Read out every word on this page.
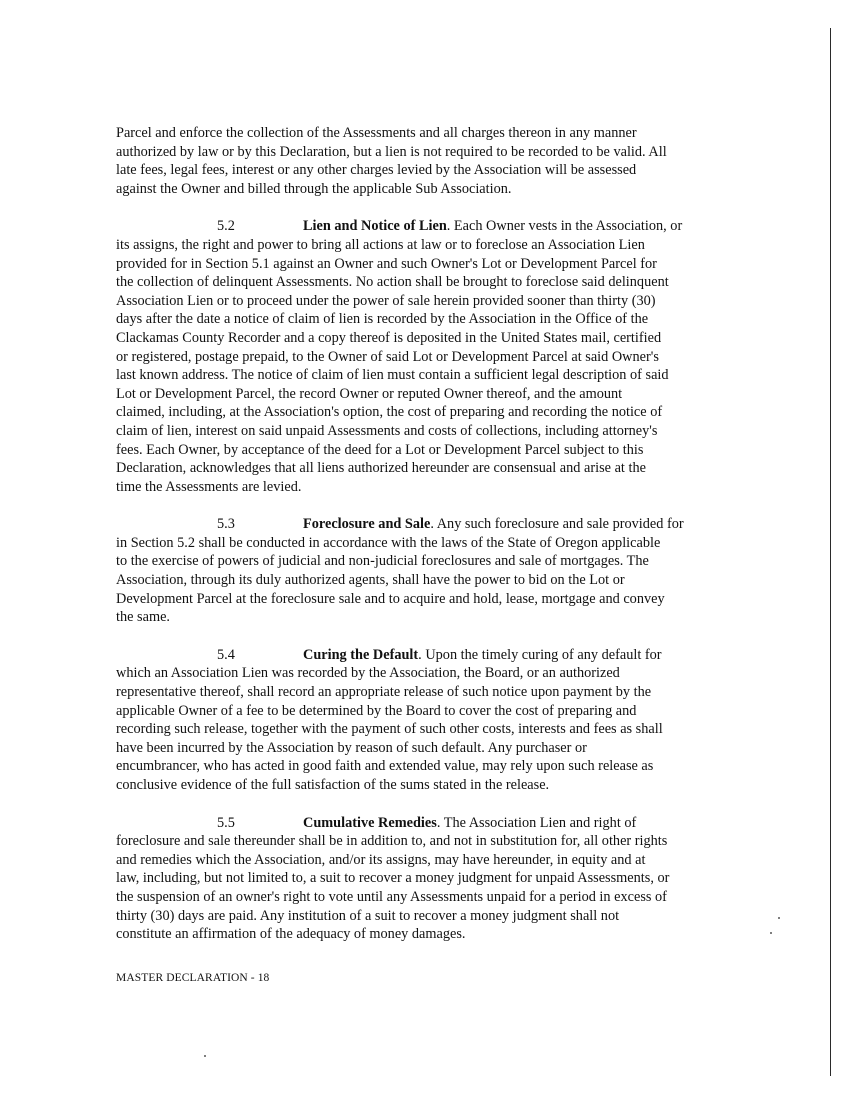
Parcel and enforce the collection of the Assessments and all charges thereon in any manner
authorized by law or by this Declaration, but a lien is not required to be recorded to be valid. All
late fees, legal fees, interest or any other charges levied by the Association will be assessed
against the Owner and billed through the applicable Sub Association.

5.2	Lien and Notice of Lien. Each Owner vests in the Association, or
its assigns, the right and power to bring all actions at law or to foreclose an Association Lien
provided for in Section 5.1 against an Owner and such Owner's Lot or Development Parcel for
the collection of delinquent Assessments. No action shall be brought to foreclose said delinquent
Association Lien or to proceed under the power of sale herein provided sooner than thirty (30)
days after the date a notice of claim of lien is recorded by the Association in the Office of the
Clackamas County Recorder and a copy thereof is deposited in the United States mail, certified
or registered, postage prepaid, to the Owner of said Lot or Development Parcel at said Owner's
last known address. The notice of claim of lien must contain a sufficient legal description of said
Lot or Development Parcel, the record Owner or reputed Owner thereof, and the amount
claimed, including, at the Association's option, the cost of preparing and recording the notice of
claim of lien, interest on said unpaid Assessments and costs of collections, including attorney's
fees. Each Owner, by acceptance of the deed for a Lot or Development Parcel subject to this
Declaration, acknowledges that all liens authorized hereunder are consensual and arise at the
time the Assessments are levied.

5.3	Foreclosure and Sale. Any such foreclosure and sale provided for
in Section 5.2 shall be conducted in accordance with the laws of the State of Oregon applicable
to the exercise of powers of judicial and non-judicial foreclosures and sale of mortgages. The
Association, through its duly authorized agents, shall have the power to bid on the Lot or
Development Parcel at the foreclosure sale and to acquire and hold, lease, mortgage and convey
the same.

5.4	Curing the Default. Upon the timely curing of any default for
which an Association Lien was recorded by the Association, the Board, or an authorized
representative thereof, shall record an appropriate release of such notice upon payment by the
applicable Owner of a fee to be determined by the Board to cover the cost of preparing and
recording such release, together with the payment of such other costs, interests and fees as shall
have been incurred by the Association by reason of such default. Any purchaser or
encumbrancer, who has acted in good faith and extended value, may rely upon such release as
conclusive evidence of the full satisfaction of the sums stated in the release.

5.5	Cumulative Remedies. The Association Lien and right of
foreclosure and sale thereunder shall be in addition to, and not in substitution for, all other rights
and remedies which the Association, and/or its assigns, may have hereunder, in equity and at
law, including, but not limited to, a suit to recover a money judgment for unpaid Assessments, or
the suspension of an owner's right to vote until any Assessments unpaid for a period in excess of
thirty (30) days are paid. Any institution of a suit to recover a money judgment shall not
constitute an affirmation of the adequacy of money damages.

MASTER DECLARATION - 18
